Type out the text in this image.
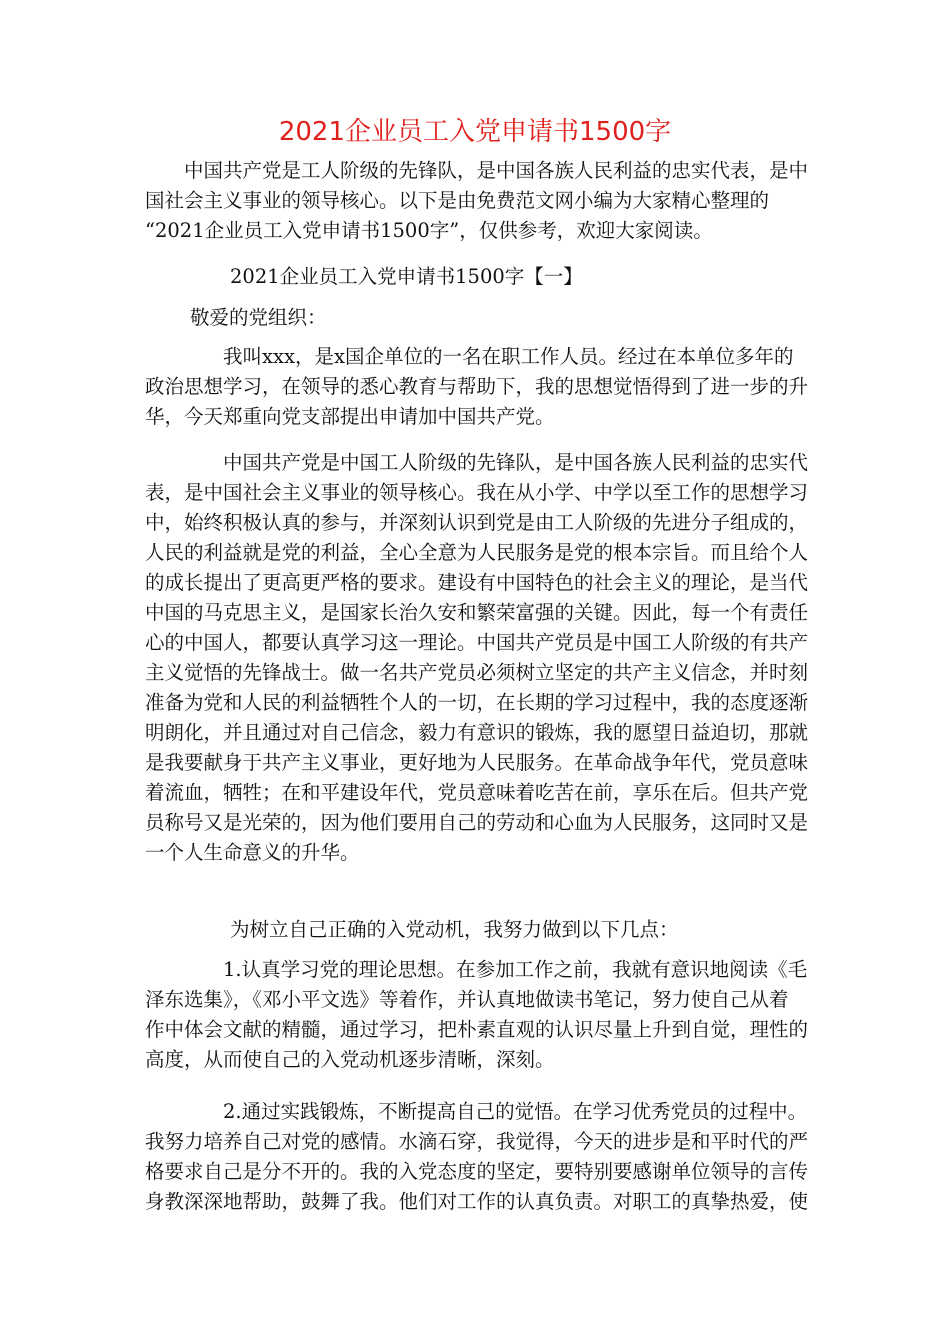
2021企业员工入党申请书1500字
　　中国共产党是工人阶级的先锋队，是中国各族人民利益的忠实代表，是中
国社会主义事业的领导核心。以下是由免费范文网小编为大家精心整理的
“2021企业员工入党申请书1500字”，仅供参考，欢迎大家阅读。
2021企业员工入党申请书1500字【一】
敬爱的党组织：
　　　　我叫xxx，是x国企单位的一名在职工作人员。经过在本单位多年的
政治思想学习，在领导的悉心教育与帮助下，我的思想觉悟得到了进一步的升
华，今天郑重向党支部提出申请加中国共产党。
　　　　中国共产党是中国工人阶级的先锋队，是中国各族人民利益的忠实代
表，是中国社会主义事业的领导核心。我在从小学、中学以至工作的思想学习
中，始终积极认真的参与，并深刻认识到党是由工人阶级的先进分子组成的，
人民的利益就是党的利益，全心全意为人民服务是党的根本宗旨。而且给个人
的成长提出了更高更严格的要求。建设有中国特色的社会主义的理论，是当代
中国的马克思主义，是国家长治久安和繁荣富强的关键。因此，每一个有责任
心的中国人，都要认真学习这一理论。中国共产党员是中国工人阶级的有共产
主义觉悟的先锋战士。做一名共产党员必须树立坚定的共产主义信念，并时刻
准备为党和人民的利益牺牲个人的一切，在长期的学习过程中，我的态度逐渐
明朗化，并且通过对自己信念，毅力有意识的锻炼，我的愿望日益迫切，那就
是我要献身于共产主义事业，更好地为人民服务。在革命战争年代，党员意味
着流血，牺牲；在和平建设年代，党员意味着吃苦在前，享乐在后。但共产党
员称号又是光荣的，因为他们要用自己的劳动和心血为人民服务，这同时又是
一个人生命意义的升华。
为树立自己正确的入党动机，我努力做到以下几点：
　　　　1.认真学习党的理论思想。在参加工作之前，我就有意识地阅读《毛
泽东选集》，《邓小平文选》等着作，并认真地做读书笔记，努力使自己从着
作中体会文献的精髓，通过学习，把朴素直观的认识尽量上升到自觉，理性的
高度，从而使自己的入党动机逐步清晰，深刻。
　　　　2.通过实践锻炼，不断提高自己的觉悟。在学习优秀党员的过程中。
我努力培养自己对党的感情。水滴石穿，我觉得，今天的进步是和平时代的严
格要求自己是分不开的。我的入党态度的坚定，要特别要感谢单位领导的言传
身教深深地帮助，鼓舞了我。他们对工作的认真负责。对职工的真挚热爱，使
